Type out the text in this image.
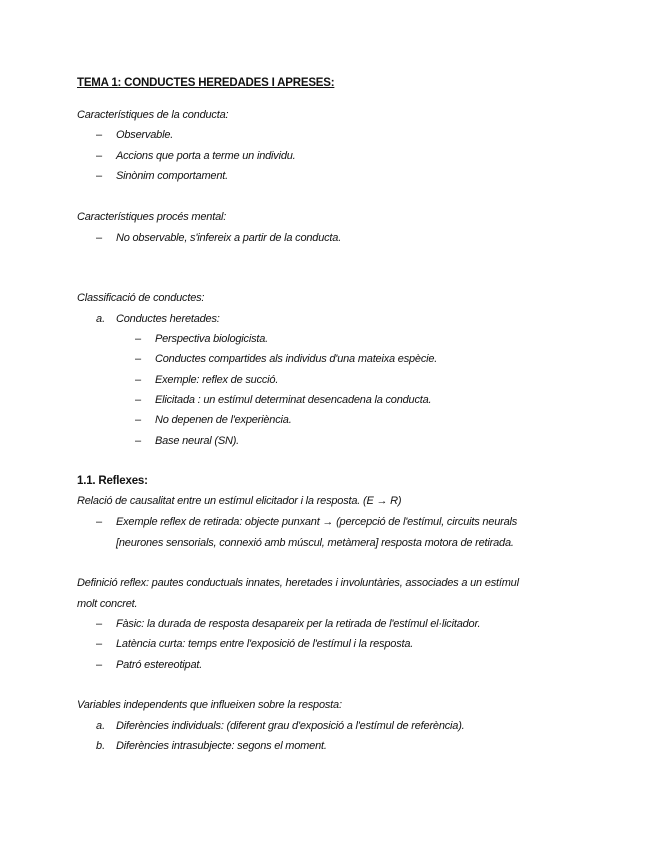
TEMA 1: CONDUCTES HEREDADES I APRESES:
Característiques de la conducta:
– Observable.
– Accions que porta a terme un individu.
– Sinònim comportament.
Característiques procés mental:
– No observable, s'infereix a partir de la conducta.
Classificació de conductes:
a. Conductes heretades:
– Perspectiva biologicista.
– Conductes compartides als individus d'una mateixa espècie.
– Exemple: reflex de succió.
– Elicitada : un estímul determinat desencadena la conducta.
– No depenen de l'experiència.
– Base neural (SN).
1.1. Reflexes:
Relació de causalitat entre un estímul elicitador i la resposta. (E → R)
– Exemple reflex de retirada: objecte punxant → (percepció de l'estímul, circuits neurals
[neurones sensorials, connexió amb múscul, metàmera] resposta motora de retirada.
Definició reflex: pautes conductuals innates, heretades i involuntàries, associades a un estímul
molt concret.
– Fàsic: la durada de resposta desapareix per la retirada de l'estímul el·licitador.
– Latència curta: temps entre l'exposició de l'estímul i la resposta.
– Patró estereotipat.
Variables independents que influeixen sobre la resposta:
a. Diferències individuals: (diferent grau d'exposició a l'estímul de referència).
b. Diferències intrasubjecte: segons el moment.
